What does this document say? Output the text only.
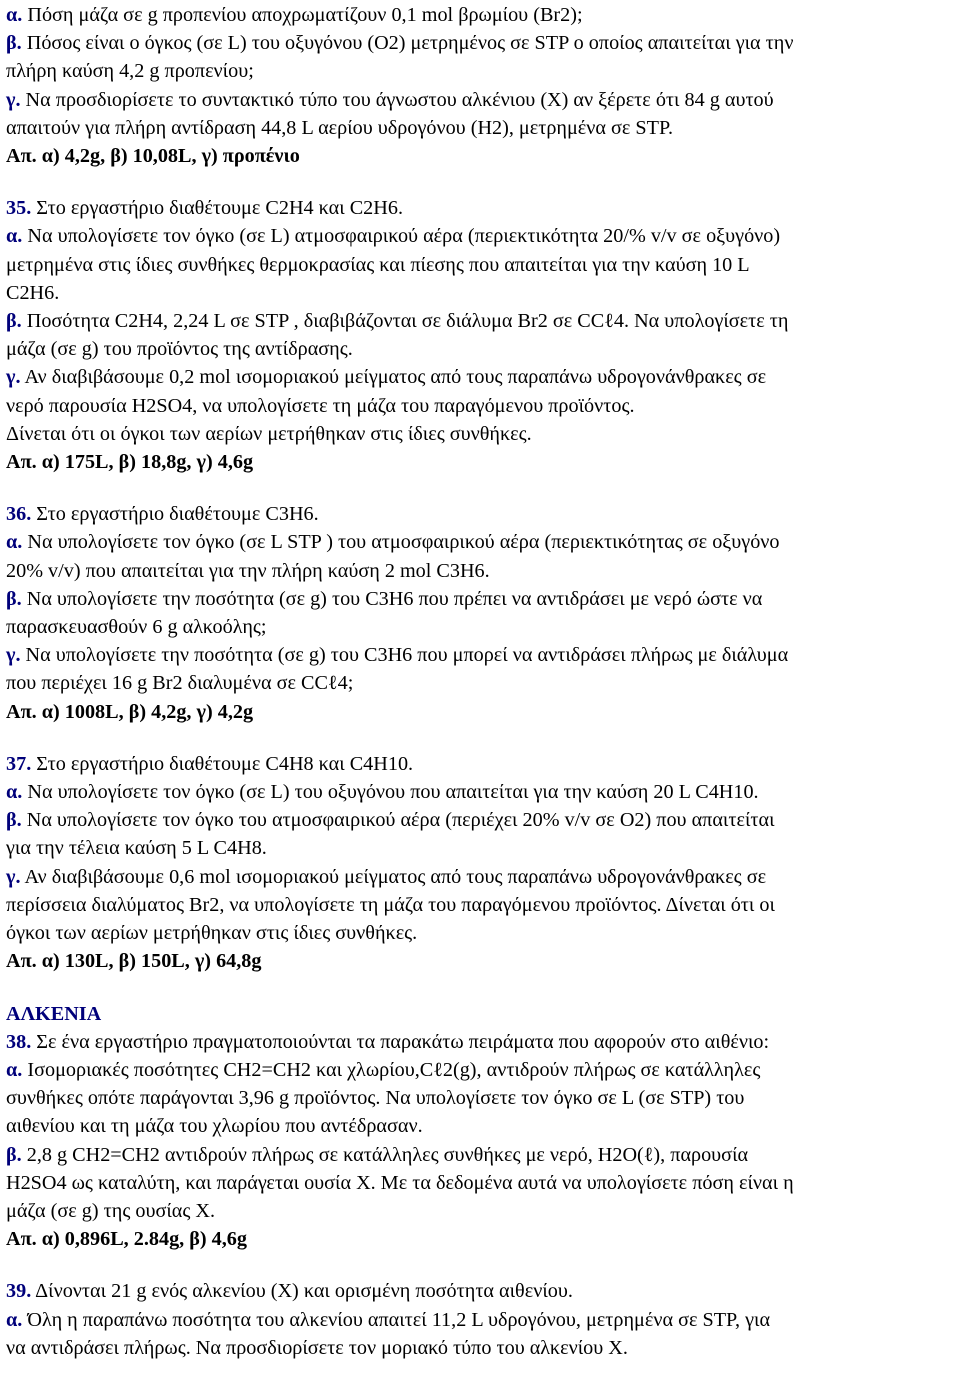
α. Πόση μάζα σε g προπενίου αποχρωματίζουν 0,1 mol βρωμίου (Br2);
β. Πόσος είναι ο όγκος (σε L) του οξυγόνου (Ο2) μετρημένος σε STP ο οποίος απαιτείται για την
πλήρη καύση 4,2 g προπενίου;
γ. Να προσδιορίσετε το συντακτικό τύπο του άγνωστου αλκένιου (Χ) αν ξέρετε ότι 84 g αυτού
απαιτούν για πλήρη αντίδραση 44,8 L αερίου υδρογόνου (Η2), μετρημένα σε STP.
Απ. α) 4,2g, β) 10,08L, γ) προπένιο
35. Στο εργαστήριο διαθέτουμε C2H4 και C2H6.
α. Να υπολογίσετε τον όγκο (σε L) ατμοσφαιρικού αέρα (περιεκτικότητα 20/% v/v σε οξυγόνο)
μετρημένα στις ίδιες συνθήκες θερμοκρασίας και πίεσης που απαιτείται για την καύση 10 L
C2H6.
β. Ποσότητα C2H4, 2,24 L σε STP , διαβιβάζονται σε διάλυμα Br2 σε CCℓ4. Να υπολογίσετε τη
μάζα (σε g) του προϊόντος της αντίδρασης.
γ. Αν διαβιβάσουμε 0,2 mol ισομοριακού μείγματος από τους παραπάνω υδρογονάνθρακες σε
νερό παρουσία H2SO4, να υπολογίσετε τη μάζα του παραγόμενου προϊόντος.
Δίνεται ότι οι όγκοι των αερίων μετρήθηκαν στις ίδιες συνθήκες.
Απ. α) 175L, β) 18,8g, γ) 4,6g
36. Στο εργαστήριο διαθέτουμε C3H6.
α. Να υπολογίσετε τον όγκο (σε L STP ) του ατμοσφαιρικού αέρα (περιεκτικότητας σε οξυγόνο
20% v/v) που απαιτείται για την πλήρη καύση 2 mol C3H6.
β. Να υπολογίσετε την ποσότητα (σε g) του C3H6 που πρέπει να αντιδράσει με νερό ώστε να
παρασκευασθούν 6 g αλκοόλης;
γ. Να υπολογίσετε την ποσότητα (σε g) του C3H6 που μπορεί να αντιδράσει πλήρως με διάλυμα
που περιέχει 16 g Br2 διαλυμένα σε CCℓ4;
Απ. α) 1008L, β) 4,2g, γ) 4,2g
37. Στο εργαστήριο διαθέτουμε C4H8 και C4H10.
α. Να υπολογίσετε τον όγκο (σε L) του οξυγόνου που απαιτείται για την καύση 20 L C4H10.
β. Να υπολογίσετε τον όγκο του ατμοσφαιρικού αέρα (περιέχει 20% v/v σε O2) που απαιτείται
για την τέλεια καύση 5 L C4H8.
γ. Αν διαβιβάσουμε 0,6 mol ισομοριακού μείγματος από τους παραπάνω υδρογονάνθρακες σε
περίσσεια διαλύματος Br2, να υπολογίσετε τη μάζα του παραγόμενου προϊόντος. Δίνεται ότι οι
όγκοι των αερίων μετρήθηκαν στις ίδιες συνθήκες.
Απ. α) 130L, β) 150L, γ) 64,8g
ΑΛΚΕΝΙΑ
38. Σε ένα εργαστήριο πραγματοποιούνται τα παρακάτω πειράματα που αφορούν στο αιθένιο:
α. Ισομοριακές ποσότητες CH2=CH2 και χλωρίου,Cℓ2(g), αντιδρούν πλήρως σε κατάλληλες
συνθήκες οπότε παράγονται 3,96 g προϊόντος. Να υπολογίσετε τον όγκο σε L (σε STP) του
αιθενίου και τη μάζα του χλωρίου που αντέδρασαν.
β. 2,8 g CH2=CH2 αντιδρούν πλήρως σε κατάλληλες συνθήκες με νερό, H2O(ℓ), παρουσία
H2SO4 ως καταλύτη, και παράγεται ουσία Χ. Με τα δεδομένα αυτά να υπολογίσετε πόση είναι η
μάζα (σε g) της ουσίας Χ.
Απ. α) 0,896L, 2.84g, β) 4,6g
39. Δίνονται 21 g ενός αλκενίου (Χ) και ορισμένη ποσότητα αιθενίου.
α. Όλη η παραπάνω ποσότητα του αλκενίου απαιτεί 11,2 L υδρογόνου, μετρημένα σε STP, για
να αντιδράσει πλήρως. Να προσδιορίσετε τον μοριακό τύπο του αλκενίου Χ.
